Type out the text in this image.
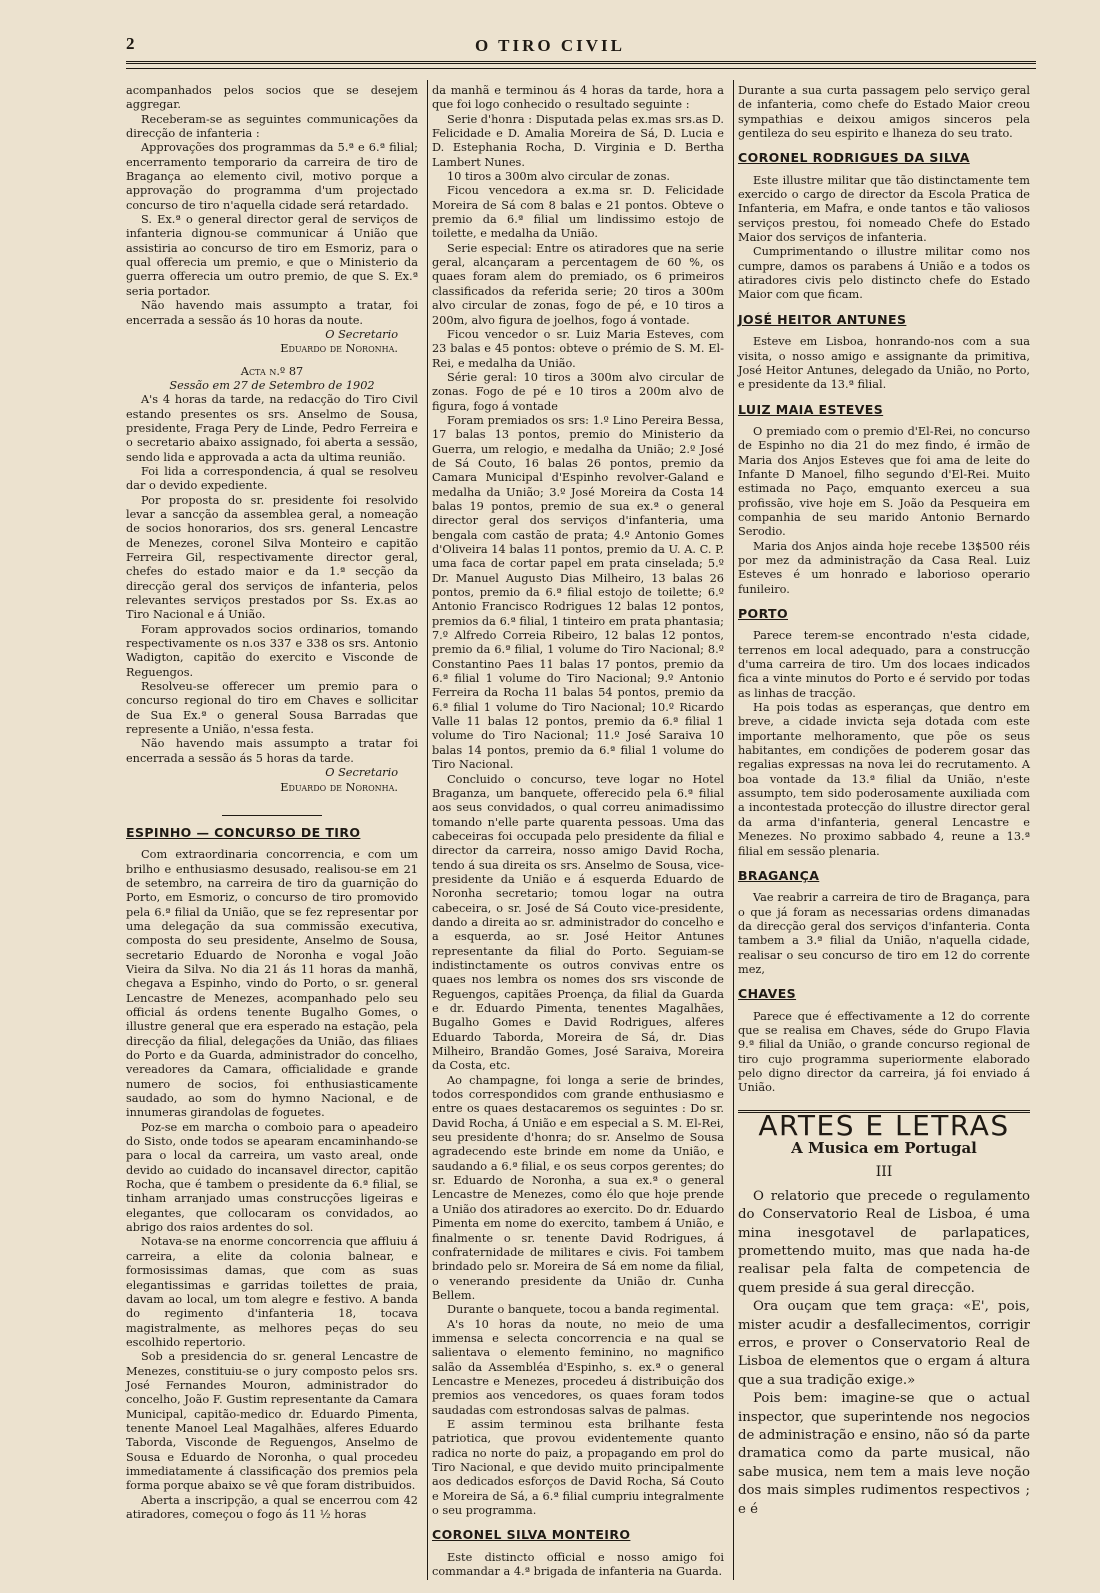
2	O TIRO CIVIL

acompanhados pelos socios que se desejem aggregar.

Receberam-se as seguintes communicações da direcção de infanteria :

Approvações dos programmas da 5.ª e 6.ª filial; encerramento temporario da carreira de tiro de Bragança ao elemento civil, motivo porque a approvação do programma d'um projectado concurso de tiro n'aquella cidade será retardado.

S. Ex.ª o general director geral de serviços de infanteria dignou-se communicar á União que assistiria ao concurso de tiro em Esmoriz, para o qual offerecia um premio, e que o Ministerio da guerra offerecia um outro premio, de que S. Ex.ª seria portador.

Não havendo mais assumpto a tratar, foi encerrada a sessão ás 10 horas da noute.

O Secretario

Eduardo de Noronha.

Acta n.º 87

Sessão em 27 de Setembro de 1902

A's 4 horas da tarde, na redacção do Tiro Civil estando presentes os srs. Anselmo de Sousa, presidente, Fraga Pery de Linde, Pedro Ferreira e o secretario abaixo assignado, foi aberta a sessão, sendo lida e approvada a acta da ultima reunião.

Foi lida a correspondencia, á qual se resolveu dar o devido expediente.

Por proposta do sr. presidente foi resolvido levar a sancção da assemblea geral, a nomeação de socios honorarios, dos srs. general Lencastre de Menezes, coronel Silva Monteiro e capitão Ferreira Gil, respectivamente director geral, chefes do estado maior e da 1.ª secção da direcção geral dos serviços de infanteria, pelos relevantes serviços prestados por Ss. Ex.as ao Tiro Nacional e á União.

Foram approvados socios ordinarios, tomando respectivamente os n.os 337 e 338 os srs. Antonio Wadigton, capitão do exercito e Visconde de Reguengos.

Resolveu-se offerecer um premio para o concurso regional do tiro em Chaves e sollicitar de Sua Ex.ª o general Sousa Barradas que represente a União, n'essa festa.

Não havendo mais assumpto a tratar foi encerrada a sessão ás 5 horas da tarde.

O Secretario

Eduardo de Noronha.

ESPINHO — CONCURSO DE TIRO

Com extraordinaria concorrencia, e com um brilho e enthusiasmo desusado, realisou-se em 21 de setembro, na carreira de tiro da guarnição do Porto, em Esmoriz, o concurso de tiro promovido pela 6.ª filial da União, que se fez representar por uma delegação da sua commissão executiva, composta do seu presidente, Anselmo de Sousa, secretario Eduardo de Noronha e vogal João Vieira da Silva. No dia 21 ás 11 horas da manhã, chegava a Espinho, vindo do Porto, o sr. general Lencastre de Menezes, acompanhado pelo seu official ás ordens tenente Bugalho Gomes, o illustre general que era esperado na estação, pela direcção da filial, delegações da União, das filiaes do Porto e da Guarda, administrador do concelho, vereadores da Camara, officialidade e grande numero de socios, foi enthusiasticamente saudado, ao som do hymno Nacional, e de innumeras girandolas de foguetes.

Poz-se em marcha o comboio para o apeadeiro do Sisto, onde todos se apearam encaminhando-se para o local da carreira, um vasto areal, onde devido ao cuidado do incansavel director, capitão Rocha, que é tambem o presidente da 6.ª filial, se tinham arranjado umas construcções ligeiras e elegantes, que collocaram os convidados, ao abrigo dos raios ardentes do sol.

Notava-se na enorme concorrencia que affluiu á carreira, a elite da colonia balnear, e formosissimas damas, que com as suas elegantissimas e garridas toilettes de praia, davam ao local, um tom alegre e festivo. A banda do regimento d'infanteria 18, tocava magistralmente, as melhores peças do seu escolhido repertorio.

Sob a presidencia do sr. general Lencastre de Menezes, constituiu-se o jury composto pelos srs. José Fernandes Mouron, administrador do concelho, João F. Gustim representante da Camara Municipal, capitão-medico dr. Eduardo Pimenta, tenente Manoel Leal Magalhães, alferes Eduardo Taborda, Visconde de Reguengos, Anselmo de Sousa e Eduardo de Noronha, o qual procedeu immediatamente á classificação dos premios pela forma porque abaixo se vê que foram distribuidos.

Aberta a inscripção, a qual se encerrou com 42 atiradores, começou o fogo ás 11 ½ horas

da manhã e terminou ás 4 horas da tarde, hora a que foi logo conhecido o resultado seguinte :

Serie d'honra : Disputada pelas ex.mas srs.as D. Felicidade e D. Amalia Moreira de Sá, D. Lucia e D. Estephania Rocha, D. Virginia e D. Bertha Lambert Nunes.

10 tiros a 300m alvo circular de zonas.

Ficou vencedora a ex.ma sr. D. Felicidade Moreira de Sá com 8 balas e 21 pontos. Obteve o premio da 6.ª filial um lindissimo estojo de toilette, e medalha da União.

Serie especial: Entre os atiradores que na serie geral, alcançaram a percentagem de 60 %, os quaes foram alem do premiado, os 6 primeiros classificados da referida serie; 20 tiros a 300m alvo circular de zonas, fogo de pé, e 10 tiros a 200m, alvo figura de joelhos, fogo á vontade.

Ficou vencedor o sr. Luiz Maria Esteves, com 23 balas e 45 pontos: obteve o prémio de S. M. El-Rei, e medalha da União.

Série geral: 10 tiros a 300m alvo circular de zonas. Fogo de pé e 10 tiros a 200m alvo de figura, fogo á vontade

Foram premiados os srs: 1.º Lino Pereira Bessa, 17 balas 13 pontos, premio do Ministerio da Guerra, um relogio, e medalha da União; 2.º José de Sá Couto, 16 balas 26 pontos, premio da Camara Municipal d'Espinho revolver-Galand e medalha da União; 3.º José Moreira da Costa 14 balas 19 pontos, premio de sua ex.ª o general director geral dos serviços d'infanteria, uma bengala com castão de prata; 4.º Antonio Gomes d'Oliveira 14 balas 11 pontos, premio da U. A. C. P. uma faca de cortar papel em prata cinselada; 5.º Dr. Manuel Augusto Dias Milheiro, 13 balas 26 pontos, premio da 6.ª filial estojo de toilette; 6.º Antonio Francisco Rodrigues 12 balas 12 pontos, premios da 6.ª filial, 1 tinteiro em prata phantasia; 7.º Alfredo Correia Ribeiro, 12 balas 12 pontos, premio da 6.ª filial, 1 volume do Tiro Nacional; 8.º Constantino Paes 11 balas 17 pontos, premio da 6.ª filial 1 volume do Tiro Nacional; 9.º Antonio Ferreira da Rocha 11 balas 54 pontos, premio da 6.ª filial 1 volume do Tiro Nacional; 10.º Ricardo Valle 11 balas 12 pontos, premio da 6.ª filial 1 volume do Tiro Nacional; 11.º José Saraiva 10 balas 14 pontos, premio da 6.ª filial 1 volume do Tiro Nacional.

Concluido o concurso, teve logar no Hotel Braganza, um banquete, offerecido pela 6.ª filial aos seus convidados, o qual correu animadissimo tomando n'elle parte quarenta pessoas. Uma das cabeceiras foi occupada pelo presidente da filial e director da carreira, nosso amigo David Rocha, tendo á sua direita os srs. Anselmo de Sousa, vice-presidente da União e á esquerda Eduardo de Noronha secretario; tomou logar na outra cabeceira, o sr. José de Sá Couto vice-presidente, dando a direita ao sr. administrador do concelho e a esquerda, ao sr. José Heitor Antunes representante da filial do Porto. Seguiam-se indistinctamente os outros convivas entre os quaes nos lembra os nomes dos srs visconde de Reguengos, capitães Proença, da filial da Guarda e dr. Eduardo Pimenta, tenentes Magalhães, Bugalho Gomes e David Rodrigues, alferes Eduardo Taborda, Moreira de Sá, dr. Dias Milheiro, Brandão Gomes, José Saraiva, Moreira da Costa, etc.

Ao champagne, foi longa a serie de brindes, todos correspondidos com grande enthusiasmo e entre os quaes destacaremos os seguintes : Do sr. David Rocha, á União e em especial a S. M. El-Rei, seu presidente d'honra; do sr. Anselmo de Sousa agradecendo este brinde em nome da União, e saudando a 6.ª filial, e os seus corpos gerentes; do sr. Eduardo de Noronha, a sua ex.ª o general Lencastre de Menezes, como élo que hoje prende a União dos atiradores ao exercito. Do dr. Eduardo Pimenta em nome do exercito, tambem á União, e finalmente o sr. tenente David Rodrigues, á confraternidade de militares e civis. Foi tambem brindado pelo sr. Moreira de Sá em nome da filial, o venerando presidente da União dr. Cunha Bellem.

Durante o banquete, tocou a banda regimental.

A's 10 horas da noute, no meio de uma immensa e selecta concorrencia e na qual se salientava o elemento feminino, no magnifico salão da Assembléa d'Espinho, s. ex.ª o general Lencastre e Menezes, procedeu á distribuição dos premios aos vencedores, os quaes foram todos saudadas com estrondosas salvas de palmas.

E assim terminou esta brilhante festa patriotica, que provou evidentemente quanto radica no norte do paiz, a propagando em prol do Tiro Nacional, e que devido muito principalmente aos dedicados esforços de David Rocha, Sá Couto e Moreira de Sá, a 6.ª filial cumpriu integralmente o seu programma.

CORONEL SILVA MONTEIRO

Este distincto official e nosso amigo foi commandar a 4.ª brigada de infanteria na Guarda.

Durante a sua curta passagem pelo serviço geral de infanteria, como chefe do Estado Maior creou sympathias e deixou amigos sinceros pela gentileza do seu espirito e lhaneza do seu trato.

CORONEL RODRIGUES DA SILVA

Este illustre militar que tão distinctamente tem exercido o cargo de director da Escola Pratica de Infanteria, em Mafra, e onde tantos e tão valiosos serviços prestou, foi nomeado Chefe do Estado Maior dos serviços de infanteria.

Cumprimentando o illustre militar como nos cumpre, damos os parabens á União e a todos os atiradores civis pelo distincto chefe do Estado Maior com que ficam.

JOSÉ HEITOR ANTUNES

Esteve em Lisboa, honrando-nos com a sua visita, o nosso amigo e assignante da primitiva, José Heitor Antunes, delegado da União, no Porto, e presidente da 13.ª filial.

LUIZ MAIA ESTEVES

O premiado com o premio d'El-Rei, no concurso de Espinho no dia 21 do mez findo, é irmão de Maria dos Anjos Esteves que foi ama de leite do Infante D Manoel, filho segundo d'El-Rei. Muito estimada no Paço, emquanto exerceu a sua profissão, vive hoje em S. João da Pesqueira em companhia de seu marido Antonio Bernardo Serodio.

Maria dos Anjos ainda hoje recebe 13$500 réis por mez da administração da Casa Real. Luiz Esteves é um honrado e laborioso operario funileiro.

PORTO

Parece terem-se encontrado n'esta cidade, terrenos em local adequado, para a construcção d'uma carreira de tiro. Um dos locaes indicados fica a vinte minutos do Porto e é servido por todas as linhas de tracção.

Ha pois todas as esperanças, que dentro em breve, a cidade invicta seja dotada com este importante melhoramento, que põe os seus habitantes, em condições de poderem gosar das regalias expressas na nova lei do recrutamento. A boa vontade da 13.ª filial da União, n'este assumpto, tem sido poderosamente auxiliada com a incontestada protecção do illustre director geral da arma d'infanteria, general Lencastre e Menezes. No proximo sabbado 4, reune a 13.ª filial em sessão plenaria.

BRAGANÇA

Vae reabrir a carreira de tiro de Bragança, para o que já foram as necessarias ordens dimanadas da direcção geral dos serviços d'infanteria. Conta tambem a 3.ª filial da União, n'aquella cidade, realisar o seu concurso de tiro em 12 do corrente mez,

CHAVES

Parece que é effectivamente a 12 do corrente que se realisa em Chaves, séde do Grupo Flavia 9.ª filial da União, o grande concurso regional de tiro cujo programma superiormente elaborado pelo digno director da carreira, já foi enviado á União.

ARTES E LETRAS

A Musica em Portugal

III

O relatorio que precede o regulamento do Conservatorio Real de Lisboa, é uma mina inesgotavel de parlapatices, promettendo muito, mas que nada ha-de realisar pela falta de competencia de quem preside á sua geral direcção.

Ora ouçam que tem graça: «E', pois, mister acudir a desfallecimentos, corrigir erros, e prover o Conservatorio Real de Lisboa de elementos que o ergam á altura que a sua tradição exige.»

Pois bem: imagine-se que o actual inspector, que superintende nos negocios de administração e ensino, não só da parte dramatica como da parte musical, não sabe musica, nem tem a mais leve noção dos mais simples rudimentos respectivos ; e é
